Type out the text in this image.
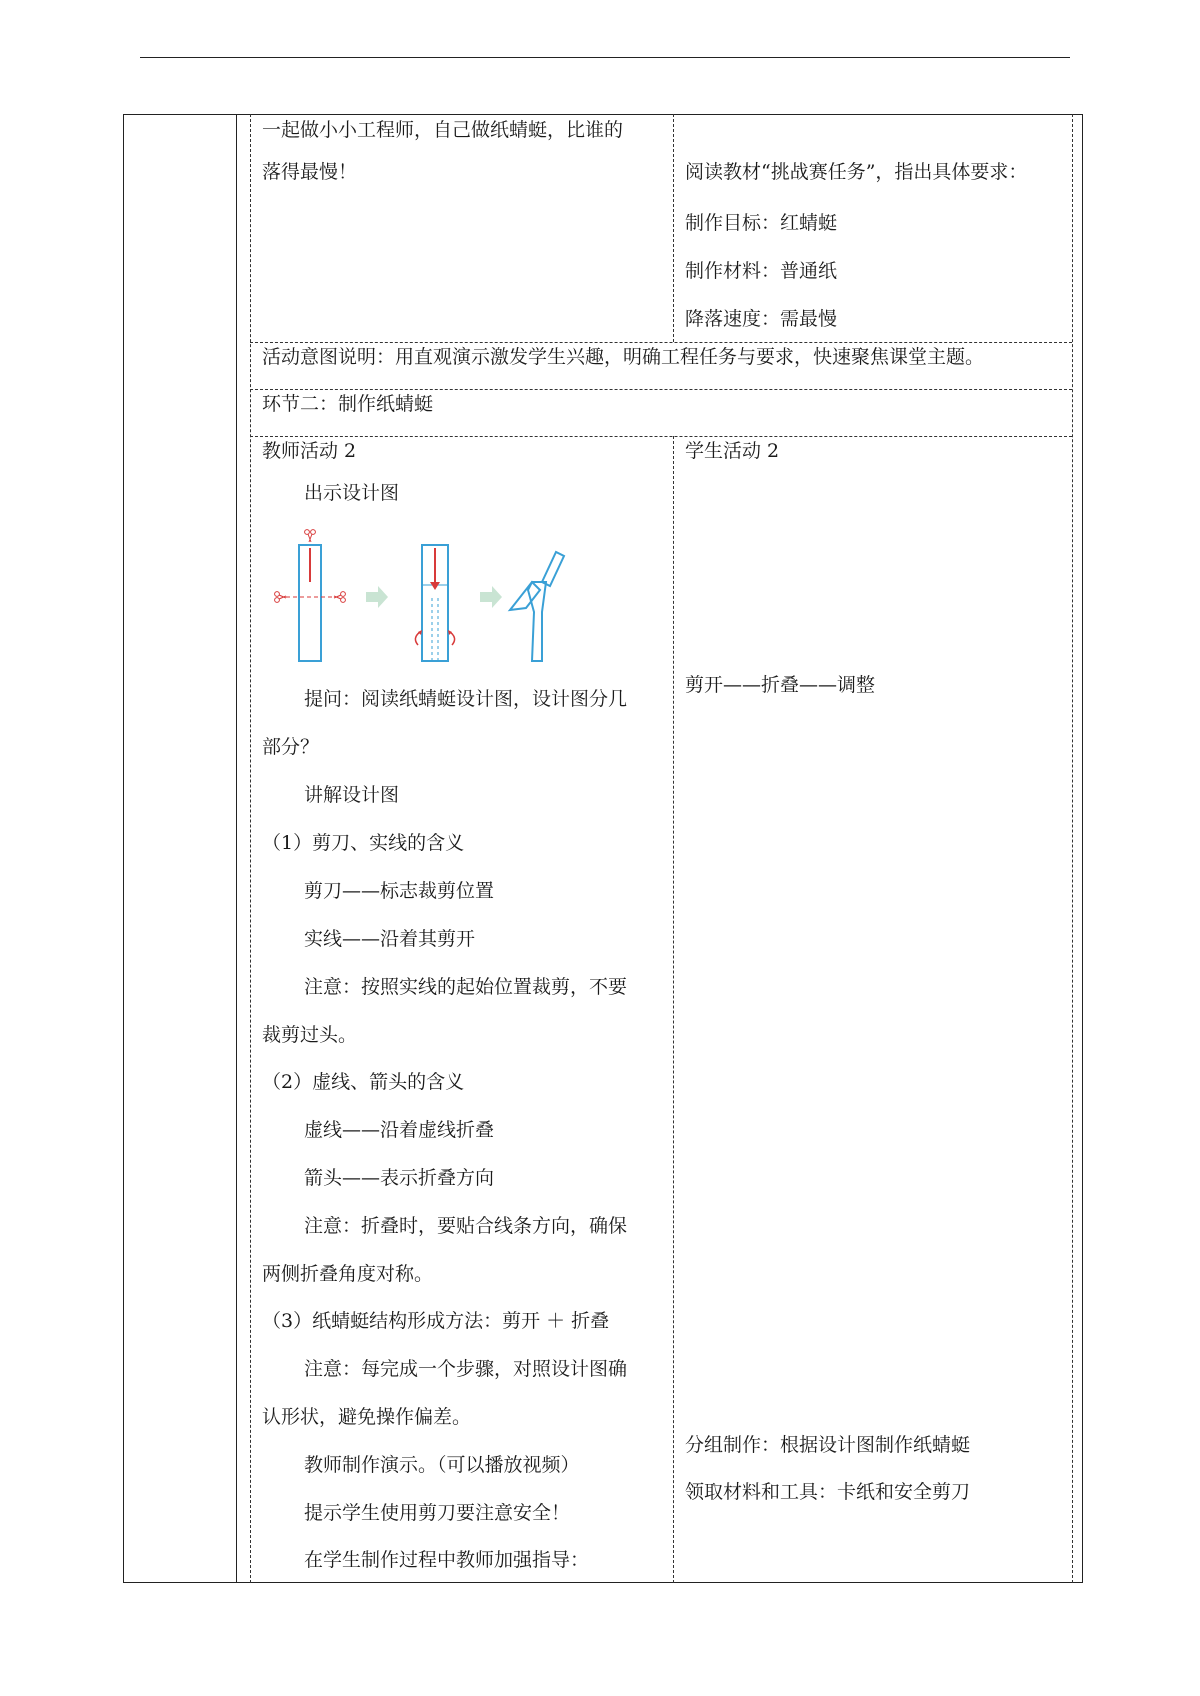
一起做小小工程师，自己做纸蜻蜓，比谁的
落得最慢！	阅读教材“挑战赛任务”，指出具体要求：
制作目标：红蜻蜓
制作材料：普通纸
降落速度：需最慢
活动意图说明：用直观演示激发学生兴趣，明确工程任务与要求，快速聚焦课堂主题。
环节二：制作纸蜻蜓
教师活动 2	学生活动 2
出示设计图
提问：阅读纸蜻蜓设计图，设计图分几
部分？
讲解设计图
（1）剪刀、实线的含义
剪刀——标志裁剪位置
实线——沿着其剪开
注意：按照实线的起始位置裁剪，不要
裁剪过头。
（2）虚线、箭头的含义
虚线——沿着虚线折叠
箭头——表示折叠方向
注意：折叠时，要贴合线条方向，确保
两侧折叠角度对称。
（3）纸蜻蜓结构形成方法：剪开 ＋ 折叠
注意：每完成一个步骤，对照设计图确
认形状，避免操作偏差。
教师制作演示。（可以播放视频）
提示学生使用剪刀要注意安全！
在学生制作过程中教师加强指导：
剪开——折叠——调整
分组制作：根据设计图制作纸蜻蜓
领取材料和工具：卡纸和安全剪刀
